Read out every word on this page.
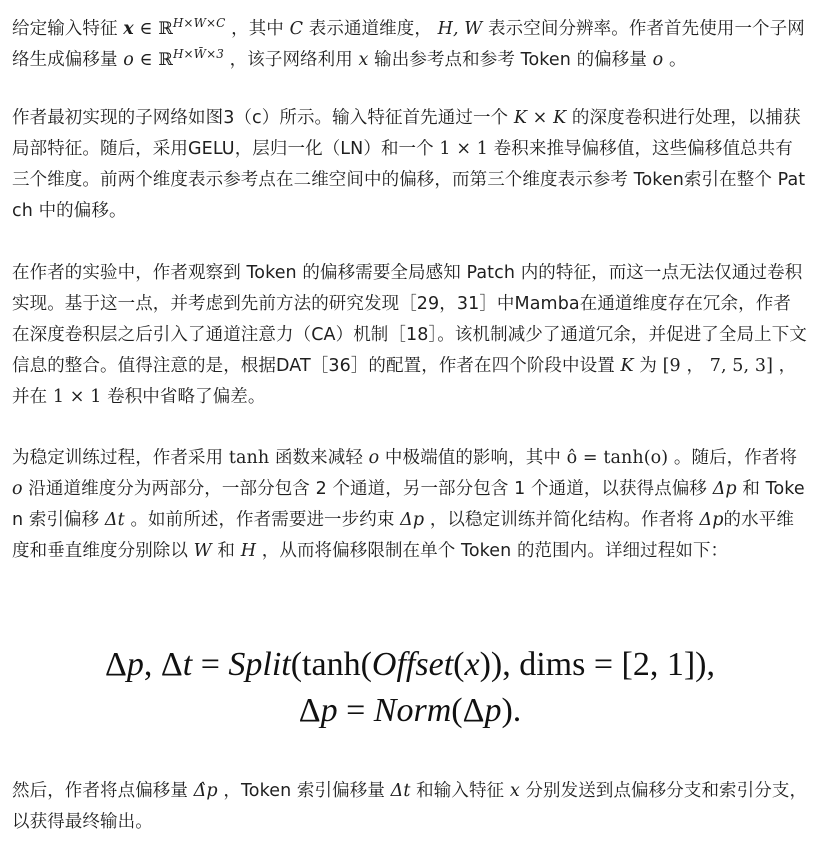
给定输入特征 x ∈ ℝ$^{H\times W\times C}$ ，其中 C 表示通道维度， H, W 表示空间分辨率。作者首先使用一个子网络生成偏移量 o ∈ ℝ$^{H\times W̄\times 3}$ ，该子网络利用 x 输出参考点和参考 Token 的偏移量 o 。

作者最初实现的子网络如图3（c）所示。输入特征首先通过一个 K × K 的深度卷积进行处理，以捕获局部特征。随后，采用GELU，层归一化（LN）和一个 1 × 1 卷积来推导偏移值，这些偏移值总共有三个维度。前两个维度表示参考点在二维空间中的偏移，而第三个维度表示参考 Token索引在整个 Patch 中的偏移。

在作者的实验中，作者观察到 Token 的偏移需要全局感知 Patch 内的特征，而这一点无法仅通过卷积实现。基于这一点，并考虑到先前方法的研究发现［29，31］中Mamba在通道维度存在冗余，作者在深度卷积层之后引入了通道注意力（CA）机制［18］。该机制减少了通道冗余，并促进了全局上下文信息的整合。值得注意的是，根据DAT［36］的配置，作者在四个阶段中设置 K 为 [9 ， 7, 5, 3] ，并在 1 × 1 卷积中省略了偏差。

为稳定训练过程，作者采用 tanh 函数来减轻 o 中极端值的影响，其中 ô = tanh(o) 。随后，作者将 o 沿通道维度分为两部分，一部分包含 2 个通道，另一部分包含 1 个通道，以获得点偏移 Δp 和 Token 索引偏移 Δt 。如前所述，作者需要进一步约束 Δp ，以稳定训练并简化结构。作者将 Δp的水平维度和垂直维度分别除以 W 和 H ，从而将偏移限制在单个 Token 的范围内。详细过程如下：

Δp, Δt = Split(tanh(Offset(x)), dims = [2, 1]),
Δp = Norm(Δp).

然后，作者将点偏移量 Δ̂p ，Token 索引偏移量 Δt 和输入特征 x 分别发送到点偏移分支和索引分支，以获得最终输出。
